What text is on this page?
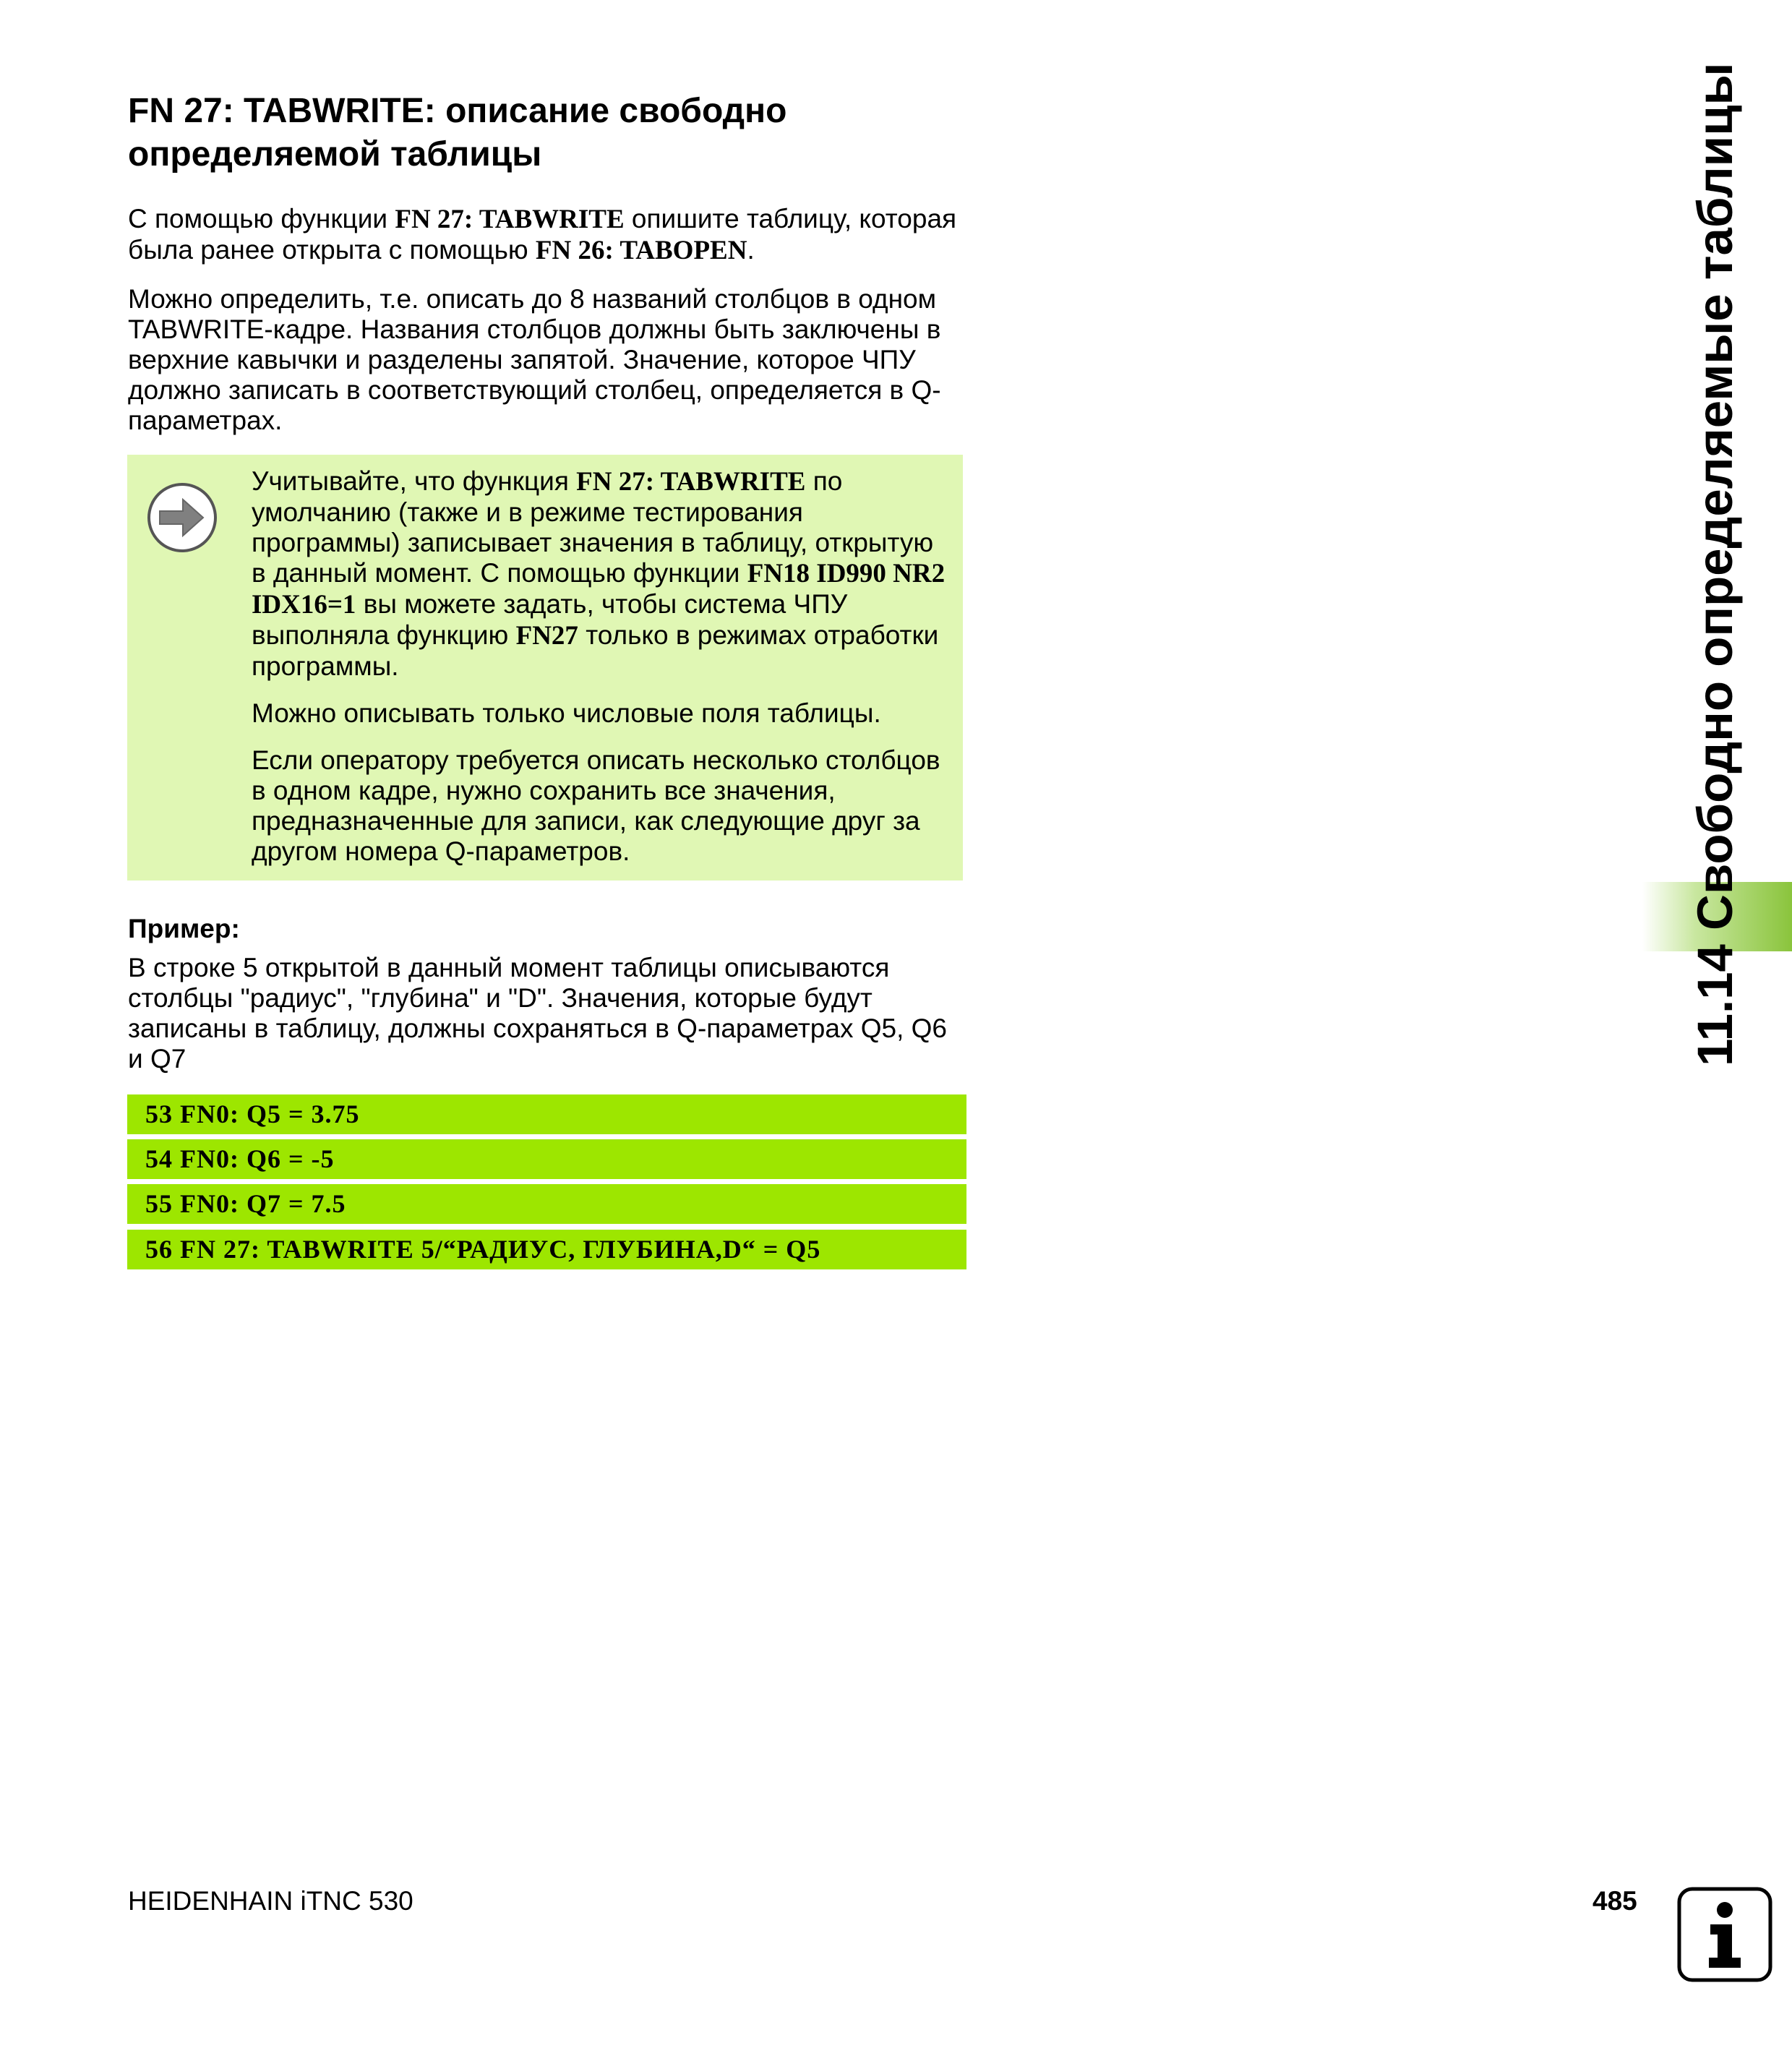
FN 27: TABWRITE: описание свободно
определяемой таблицы

С помощью функции FN 27: TABWRITE опишите таблицу, которая была ранее открыта с помощью FN 26: TABOPEN.

Можно определить, т.е. описать до 8 названий столбцов в одном TABWRITE-кадре. Названия столбцов должны быть заключены в верхние кавычки и разделены запятой. Значение, которое ЧПУ должно записать в соответствующий столбец, определяется в Q-параметрах.

Учитывайте, что функция FN 27: TABWRITE по умолчанию (также и в режиме тестирования программы) записывает значения в таблицу, открытую в данный момент. С помощью функции FN18 ID990 NR2 IDX16=1 вы можете задать, чтобы система ЧПУ выполняла функцию FN27 только в режимах отработки программы.

Можно описывать только числовые поля таблицы.

Если оператору требуется описать несколько столбцов в одном кадре, нужно сохранить все значения, предназначенные для записи, как следующие друг за другом номера Q-параметров.

Пример:

В строке 5 открытой в данный момент таблицы описываются столбцы "радиус", "глубина" и "D". Значения, которые будут записаны в таблицу, должны сохраняться в Q-параметрах Q5, Q6 и Q7

53 FN0: Q5 = 3.75
54 FN0: Q6 = -5
55 FN0: Q7 = 7.5
56 FN 27: TABWRITE 5/“РАДИУС, ГЛУБИНА,D“ = Q5
11.14 Свободно определяемые таблицы
HEIDENHAIN iTNC 530	485
